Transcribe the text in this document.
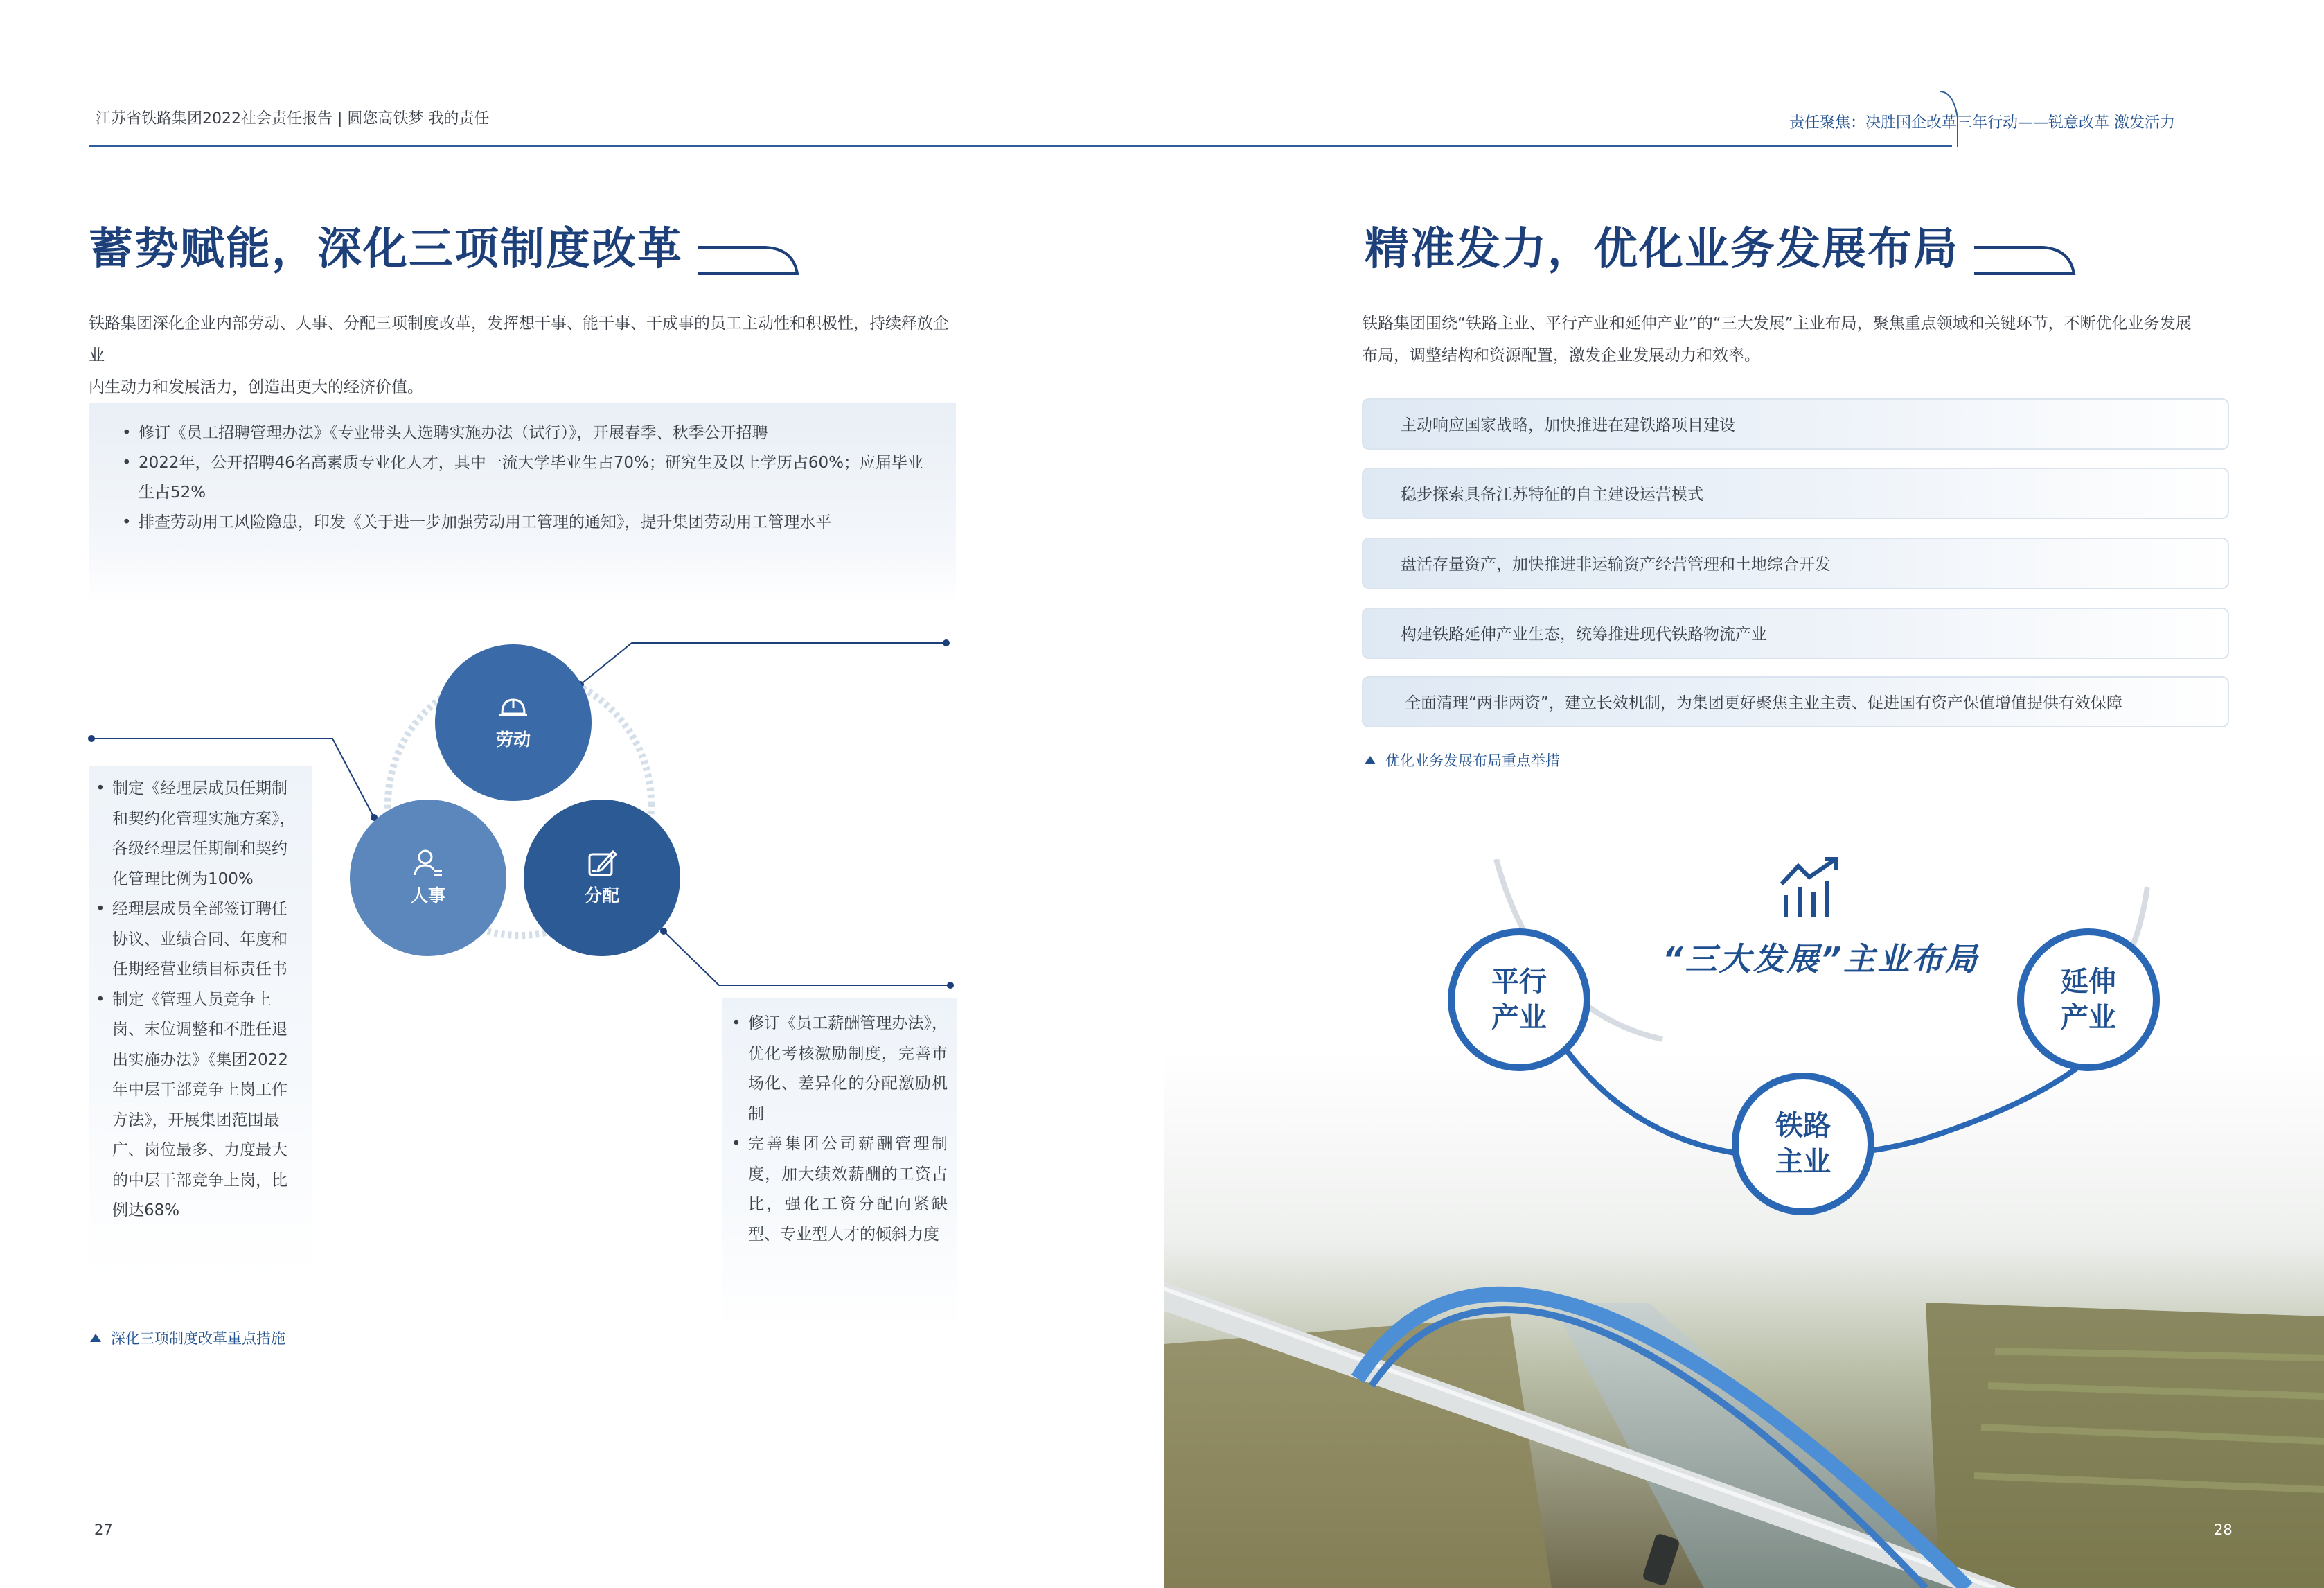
江苏省铁路集团2022社会责任报告 | 圆您高铁梦 我的责任	责任聚焦：决胜国企改革三年行动——锐意改革 激发活力
蓄势赋能，深化三项制度改革
铁路集团深化企业内部劳动、人事、分配三项制度改革，发挥想干事、能干事、干成事的员工主动性和积极性，持续释放企业
内生动力和发展活力，创造出更大的经济价值。
• 修订《员工招聘管理办法》《专业带头人选聘实施办法（试行）》，开展春季、秋季公开招聘
• 2022年，公开招聘46名高素质专业化人才，其中一流大学毕业生占70%；研究生及以上学历占60%；应届毕业生占52%
• 排查劳动用工风险隐患，印发《关于进一步加强劳动用工管理的通知》，提升集团劳动用工管理水平
劳动
人事	分配
• 制定《经理层成员任期制和契约化管理实施方案》，各级经理层任期制和契约化管理比例为100%
• 经理层成员全部签订聘任协议、业绩合同、年度和任期经营业绩目标责任书
• 制定《管理人员竞争上岗、末位调整和不胜任退出实施办法》《集团2022年中层干部竞争上岗工作方法》，开展集团范围最广、岗位最多、力度最大的中层干部竞争上岗，比例达68%
• 修订《员工薪酬管理办法》，优化考核激励制度，完善市场化、差异化的分配激励机制
• 完善集团公司薪酬管理制度，加大绩效薪酬的工资占比，强化工资分配向紧缺型、专业型人才的倾斜力度
深化三项制度改革重点措施
27
精准发力，优化业务发展布局
铁路集团围绕“铁路主业、平行产业和延伸产业”的“三大发展”主业布局，聚焦重点领域和关键环节，不断优化业务发展
布局，调整结构和资源配置，激发企业发展动力和效率。
主动响应国家战略，加快推进在建铁路项目建设
稳步探索具备江苏特征的自主建设运营模式
盘活存量资产，加快推进非运输资产经营管理和土地综合开发
构建铁路延伸产业生态，统筹推进现代铁路物流产业
全面清理“两非两资”，建立长效机制，为集团更好聚焦主业主责、促进国有资产保值增值提供有效保障
优化业务发展布局重点举措
“三大发展”主业布局
平行
产业
铁路
主业
延伸
产业
28
